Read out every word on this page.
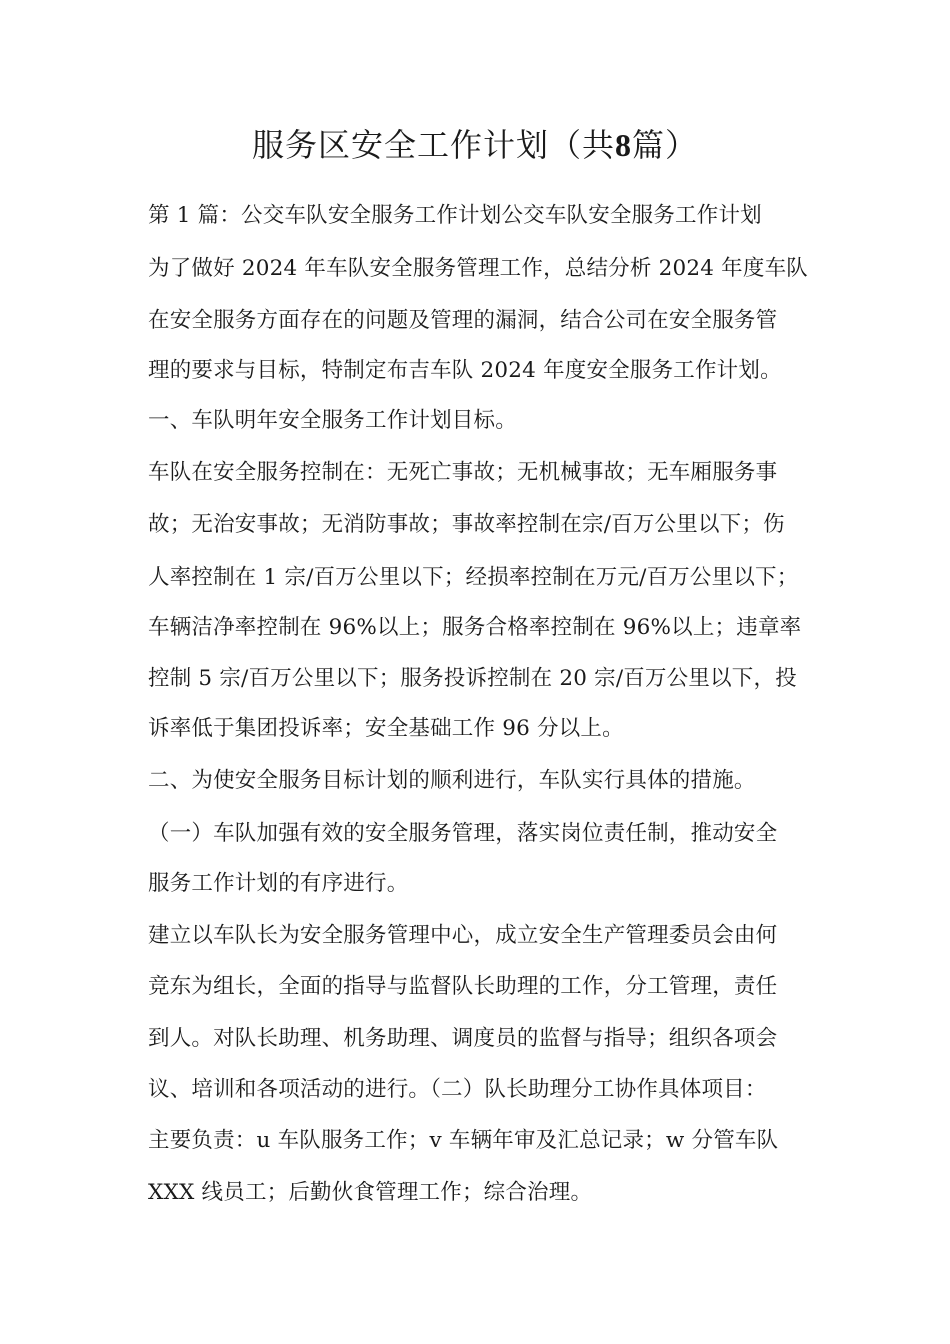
服务区安全工作计划（共8篇）
第 1 篇：公交车队安全服务工作计划公交车队安全服务工作计划
为了做好 2024 年车队安全服务管理工作，总结分析 2024 年度车队
在安全服务方面存在的问题及管理的漏洞，结合公司在安全服务管
理的要求与目标，特制定布吉车队 2024 年度安全服务工作计划。
一、车队明年安全服务工作计划目标。
车队在安全服务控制在：无死亡事故；无机械事故；无车厢服务事
故；无治安事故；无消防事故；事故率控制在宗/百万公里以下；伤
人率控制在 1 宗/百万公里以下；经损率控制在万元/百万公里以下；
车辆洁净率控制在 96%以上；服务合格率控制在 96%以上；违章率
控制 5 宗/百万公里以下；服务投诉控制在 20 宗/百万公里以下，投
诉率低于集团投诉率；安全基础工作 96 分以上。
二、为使安全服务目标计划的顺利进行，车队实行具体的措施。
（一）车队加强有效的安全服务管理，落实岗位责任制，推动安全
服务工作计划的有序进行。
建立以车队长为安全服务管理中心，成立安全生产管理委员会由何
竞东为组长，全面的指导与监督队长助理的工作，分工管理，责任
到人。对队长助理、机务助理、调度员的监督与指导；组织各项会
议、培训和各项活动的进行。（二）队长助理分工协作具体项目：
主要负责：u 车队服务工作；v 车辆年审及汇总记录；w 分管车队
XXX 线员工；后勤伙食管理工作；综合治理。
